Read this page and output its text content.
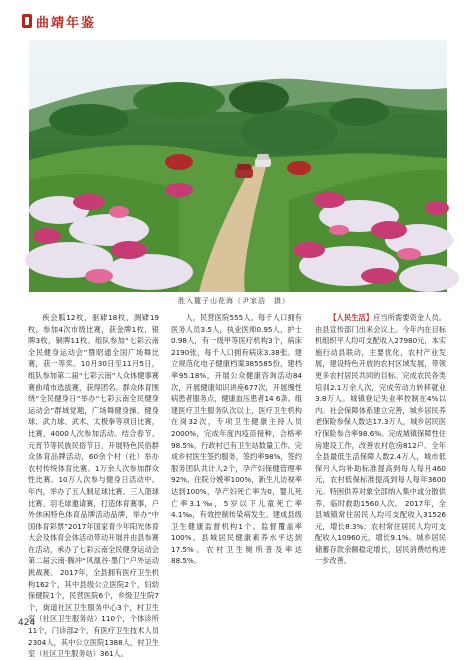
曲靖年鉴
胜入麓子山花海（尹家浩　摄）

疾会胍12枚，驱肄18枚，测肄19枚，参加4次市级比赛，获金牌1枚，银牌3枚，铜牌11枚。组队参加“七彩云南全民健身运动会”暨昭通全国广场舞比赛，获一等奖。10月30日至11月5日，组队参加第二届“七彩云南”人众体健事赛赛曲靖市选拔赛，获得团名。群众体育围绕“全民健身日”举办“七彩云南全民健身运动会”群域觉题，广场舞健身操、健身球、武力球、武术、太极拳等项目比赛，比赛，4000人次参加活动。结合春节、元宵节等民族民俗节日，开展特色民俗群众体育品牌活动，60余个村（社）举办农村传统体育比赛。1万余人次参加群众性比赛。10万人次参与健身日活动中。年内，举办了五人制足球比赛、三人篮球比赛、羽毛球邀请赛，打造体育赛事，户外休闲特色体育品牌活动品牌，举办“中国体育彩票”2017年国家青少年阳光体育大会及体育会体活动带动开展并由县参赛在活动，承办了七彩云南全民健身运动会第二届云南·腾冲“风凰谷·墨门”户外运动挑战赛。 2017年，全县拥有医疗卫生机构162个，其中县级公立医院2个，妇幼保健院1个，民营医院6个，乡级卫生院7个，街道社区卫生服务中心3个，村卫生室（社区卫生服务站）110个，个体诊所11个，门诊部2个，有医疗卫生技术人员2304人，其中公立医院1388人，村卫生室（社区卫生服务站）361人。

人，民营医院555人。每千人口拥有医务人员3.5人，执业医师0.95人，护士0.98人，有一级甲等医疗机构3个，病床2190张，每千人口拥有病床3.38张。建立规范化电子健康档案385585份，建档率95.18%，开展公众健康咨询活动84次，开展健康知识讲座677次，开展慢性病患者服务点，健康血压患者14 6条。组建医疗卫生服务队次以上，医疗卫生机构在岗32次，专项卫生健康主持人员2000%，完成年度内疫苗接种，合格率98.5%。行政村已有卫生站数量工作。完成乡村医生签约服务，签约率98%，签约服务团队共计人2个，孕产妇保健管理率92%，住院分娩率100%，新生儿访视率达到100%，孕产妇死亡率为0，婴儿死亡率3.1‰，5岁以下儿童死亡率4.1‰，有效控制传染病发生。建成县级卫生健康监督机构1个。监督覆盖率100%。县城居民健康素养水平达到17.5%。农村卫生厕所普及率达88.5%。

【人民生活】应当所需要资金人员。由县宣传部门出来会议上。今年内在目标机组织平人均可支配收入27980元，本实施行动县联动，主要优化，农村产业发展，建设特色开放的农村区域发展，带领更多农村居民共同的目标。完成农民各类培训2.1万余人次，完成劳动力转移就业3.8万人。城镇登记失业率控制在4%以内。社会保障体系建立完善，城乡居民养老保险参保人数达17.3万人，城乡居民医疗保险参合率98.6%。完成城镇保障性住房建设工作，改善农村危房812户。全年全县最低生活保障人数2.4万人，城市低保月人均补助标准提高到每人每月460元，农村低保标准提高到每人每年3600元。特困供养对象全部纳入集中或分散供养，临时救助1560人次。 2017年，全县城镇常住居民人均可支配收入31526元，增长8.3%；农村常住居民人均可支配收入10960元，增长9.1%。城乡居民储蓄存款余额稳定增长，居民消费结构进一步改善。

424
